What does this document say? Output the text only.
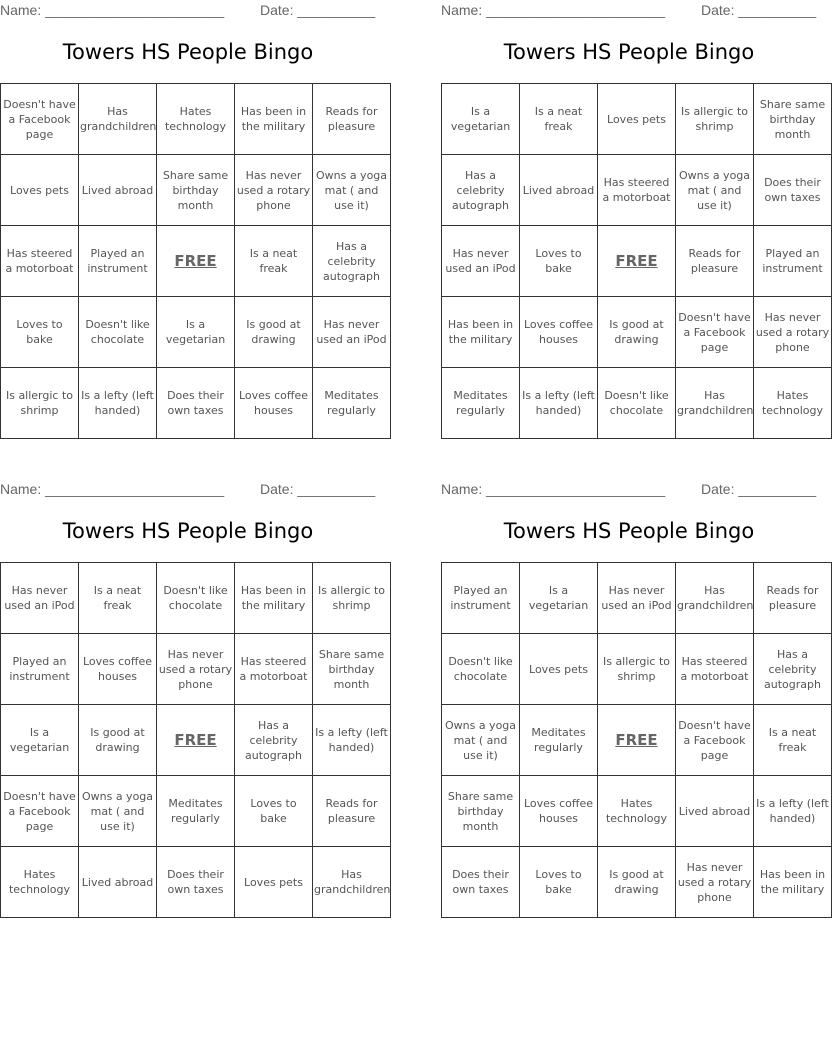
Name: _______________________	Date: __________
Towers HS People Bingo
Doesn't have a Facebook page	Has grandchildren	Hates technology	Has been in the military	Reads for pleasure
Loves pets	Lived abroad	Share same birthday month	Has never used a rotary phone	Owns a yoga mat ( and use it)
Has steered a motorboat	Played an instrument	FREE	Is a neat freak	Has a celebrity autograph
Loves to bake	Doesn't like chocolate	Is a vegetarian	Is good at drawing	Has never used an iPod
Is allergic to shrimp	Is a lefty (left handed)	Does their own taxes	Loves coffee houses	Meditates regularly
Name: _______________________	Date: __________
Towers HS People Bingo
Is a vegetarian	Is a neat freak	Loves pets	Is allergic to shrimp	Share same birthday month
Has a celebrity autograph	Lived abroad	Has steered a motorboat	Owns a yoga mat ( and use it)	Does their own taxes
Has never used an iPod	Loves to bake	FREE	Reads for pleasure	Played an instrument
Has been in the military	Loves coffee houses	Is good at drawing	Doesn't have a Facebook page	Has never used a rotary phone
Meditates regularly	Is a lefty (left handed)	Doesn't like chocolate	Has grandchildren	Hates technology
Name: _______________________	Date: __________
Towers HS People Bingo
Has never used an iPod	Is a neat freak	Doesn't like chocolate	Has been in the military	Is allergic to shrimp
Played an instrument	Loves coffee houses	Has never used a rotary phone	Has steered a motorboat	Share same birthday month
Is a vegetarian	Is good at drawing	FREE	Has a celebrity autograph	Is a lefty (left handed)
Doesn't have a Facebook page	Owns a yoga mat ( and use it)	Meditates regularly	Loves to bake	Reads for pleasure
Hates technology	Lived abroad	Does their own taxes	Loves pets	Has grandchildren
Name: _______________________	Date: __________
Towers HS People Bingo
Played an instrument	Is a vegetarian	Has never used an iPod	Has grandchildren	Reads for pleasure
Doesn't like chocolate	Loves pets	Is allergic to shrimp	Has steered a motorboat	Has a celebrity autograph
Owns a yoga mat ( and use it)	Meditates regularly	FREE	Doesn't have a Facebook page	Is a neat freak
Share same birthday month	Loves coffee houses	Hates technology	Lived abroad	Is a lefty (left handed)
Does their own taxes	Loves to bake	Is good at drawing	Has never used a rotary phone	Has been in the military
